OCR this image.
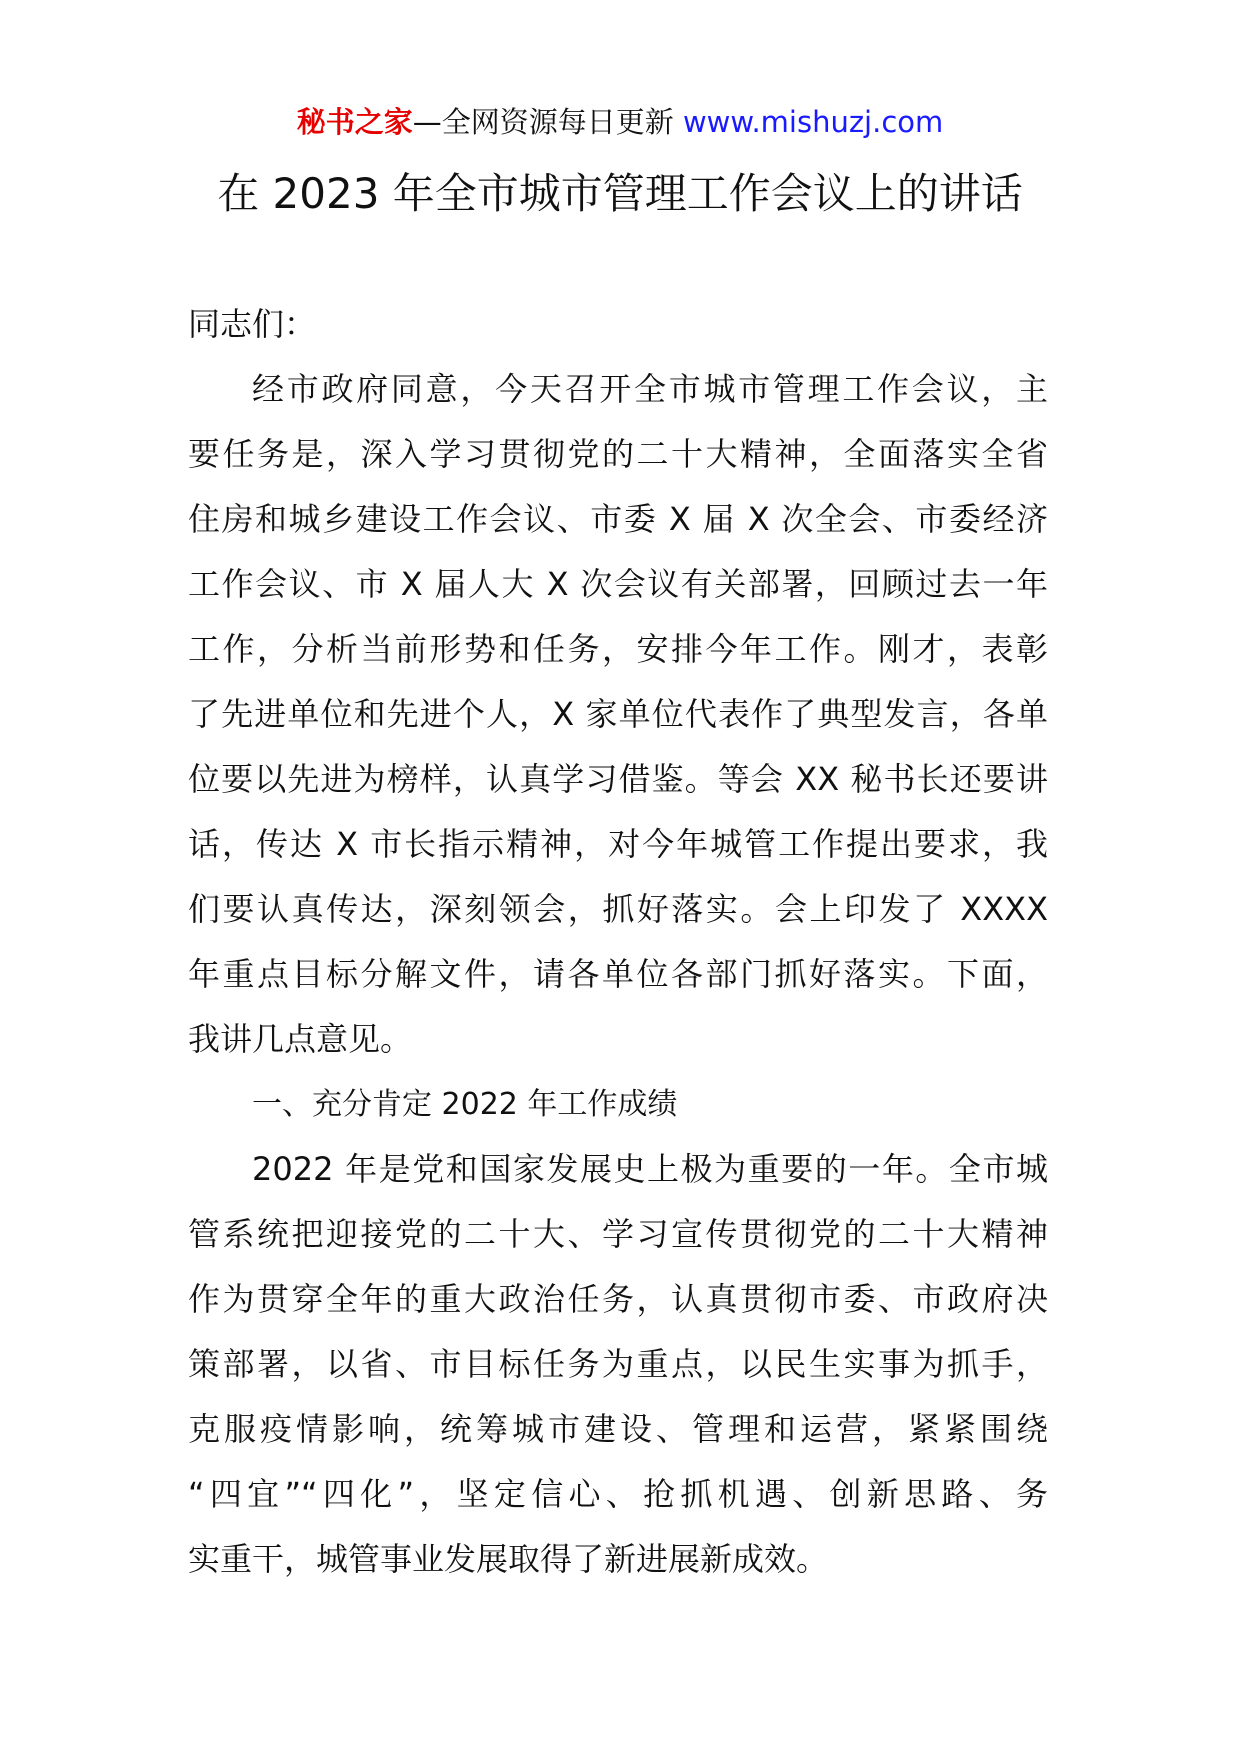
秘书之家—全网资源每日更新 www.mishuzj.com
在 2023 年全市城市管理工作会议上的讲话
同志们：
经市政府同意，今天召开全市城市管理工作会议，主
要任务是，深入学习贯彻党的二十大精神，全面落实全省
住房和城乡建设工作会议、市委 X 届 X 次全会、市委经济
工作会议、市 X 届人大 X 次会议有关部署，回顾过去一年
工作，分析当前形势和任务，安排今年工作。刚才，表彰
了先进单位和先进个人，X 家单位代表作了典型发言，各单
位要以先进为榜样，认真学习借鉴。等会 XX 秘书长还要讲
话，传达 X 市长指示精神，对今年城管工作提出要求，我
们要认真传达，深刻领会，抓好落实。会上印发了 XXXX
年重点目标分解文件，请各单位各部门抓好落实。下面，
我讲几点意见。
一、充分肯定 2022 年工作成绩
2022 年是党和国家发展史上极为重要的一年。全市城
管系统把迎接党的二十大、学习宣传贯彻党的二十大精神
作为贯穿全年的重大政治任务，认真贯彻市委、市政府决
策部署，以省、市目标任务为重点，以民生实事为抓手，
克服疫情影响，统筹城市建设、管理和运营，紧紧围绕
“四宜”“四化”，坚定信心、抢抓机遇、创新思路、务
实重干，城管事业发展取得了新进展新成效。
